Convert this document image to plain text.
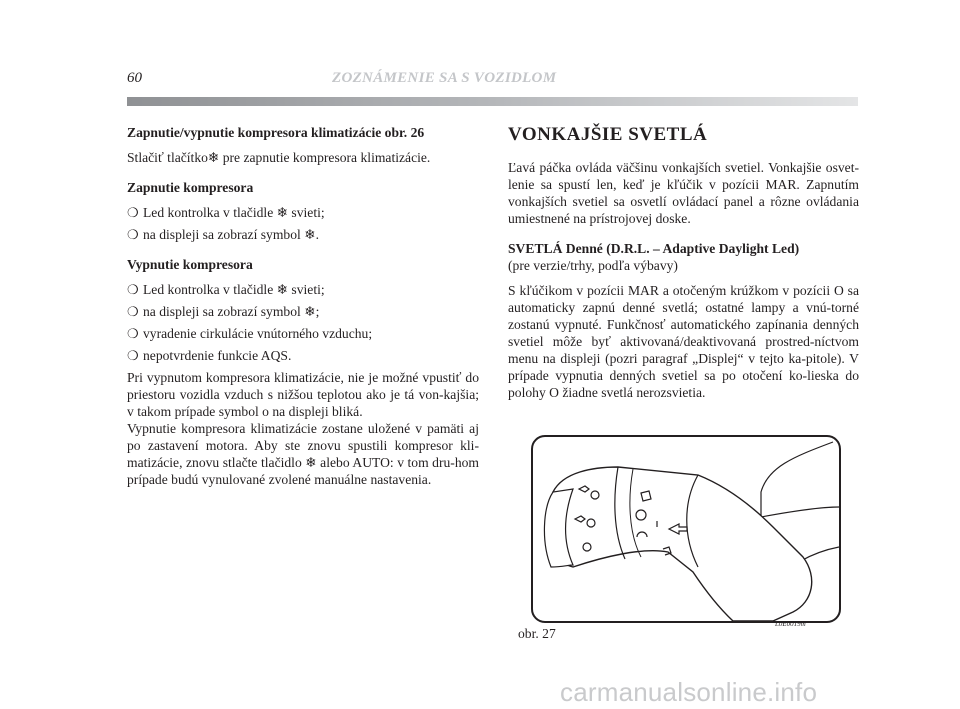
60	ZOZNÁMENIE SA S VOZIDLOM
Zapnutie/vypnutie kompresora klimatizácie obr. 26

Stlačiť tlačítko❄ pre zapnutie kompresora klimatizácie.

Zapnutie kompresora
❍ Led kontrolka v tlačidle ❄ svieti;
❍ na displeji sa zobrazí symbol ❄.
Vypnutie kompresora
❍ Led kontrolka v tlačidle ❄ svieti;
❍ na displeji sa zobrazí symbol ❄;
❍ vyradenie cirkulácie vnútorného vzduchu;
❍ nepotvrdenie funkcie AQS.

Pri vypnutom kompresora klimatizácie, nie je možné vpustiť do priestoru vozidla vzduch s nižšou teplotou ako je tá von-kajšia; v takom prípade symbol o na displeji bliká.

Vypnutie kompresora klimatizácie zostane uložené v pamäti aj po zastavení motora. Aby ste znovu spustili kompresor kli-matizácie, znovu stlačte tlačidlo ❄ alebo AUTO: v tom dru-hom prípade budú vynulované zvolené manuálne nastavenia.

VONKAJŠIE SVETLÁ

Ľavá páčka ovláda väčšinu vonkajších svetiel. Vonkajšie osvet-lenie sa spustí len, keď je kľúčik v pozícii MAR. Zapnutím vonkajších svetiel sa osvetlí ovládací panel a rôzne ovládania umiestnené na prístrojovej doske.

SVETLÁ Denné (D.R.L. – Adaptive Daylight Led)

(pre verzie/trhy, podľa výbavy)

S kľúčikom v pozícii MAR a otočeným krúžkom v pozícii O sa automaticky zapnú denné svetlá; ostatné lampy a vnú-torné zostanú vypnuté. Funkčnosť automatického zapínania denných svetiel môže byť aktivovaná/deaktivovaná prostred-níctvom menu na displeji (pozri paragraf „Displej“ v tejto ka-pitole). V prípade vypnutia denných svetiel sa po otočení ko-lieska do polohy O žiadne svetlá nerozsvietia.

obr. 27
L0E0019m
carmanualsonline.info
